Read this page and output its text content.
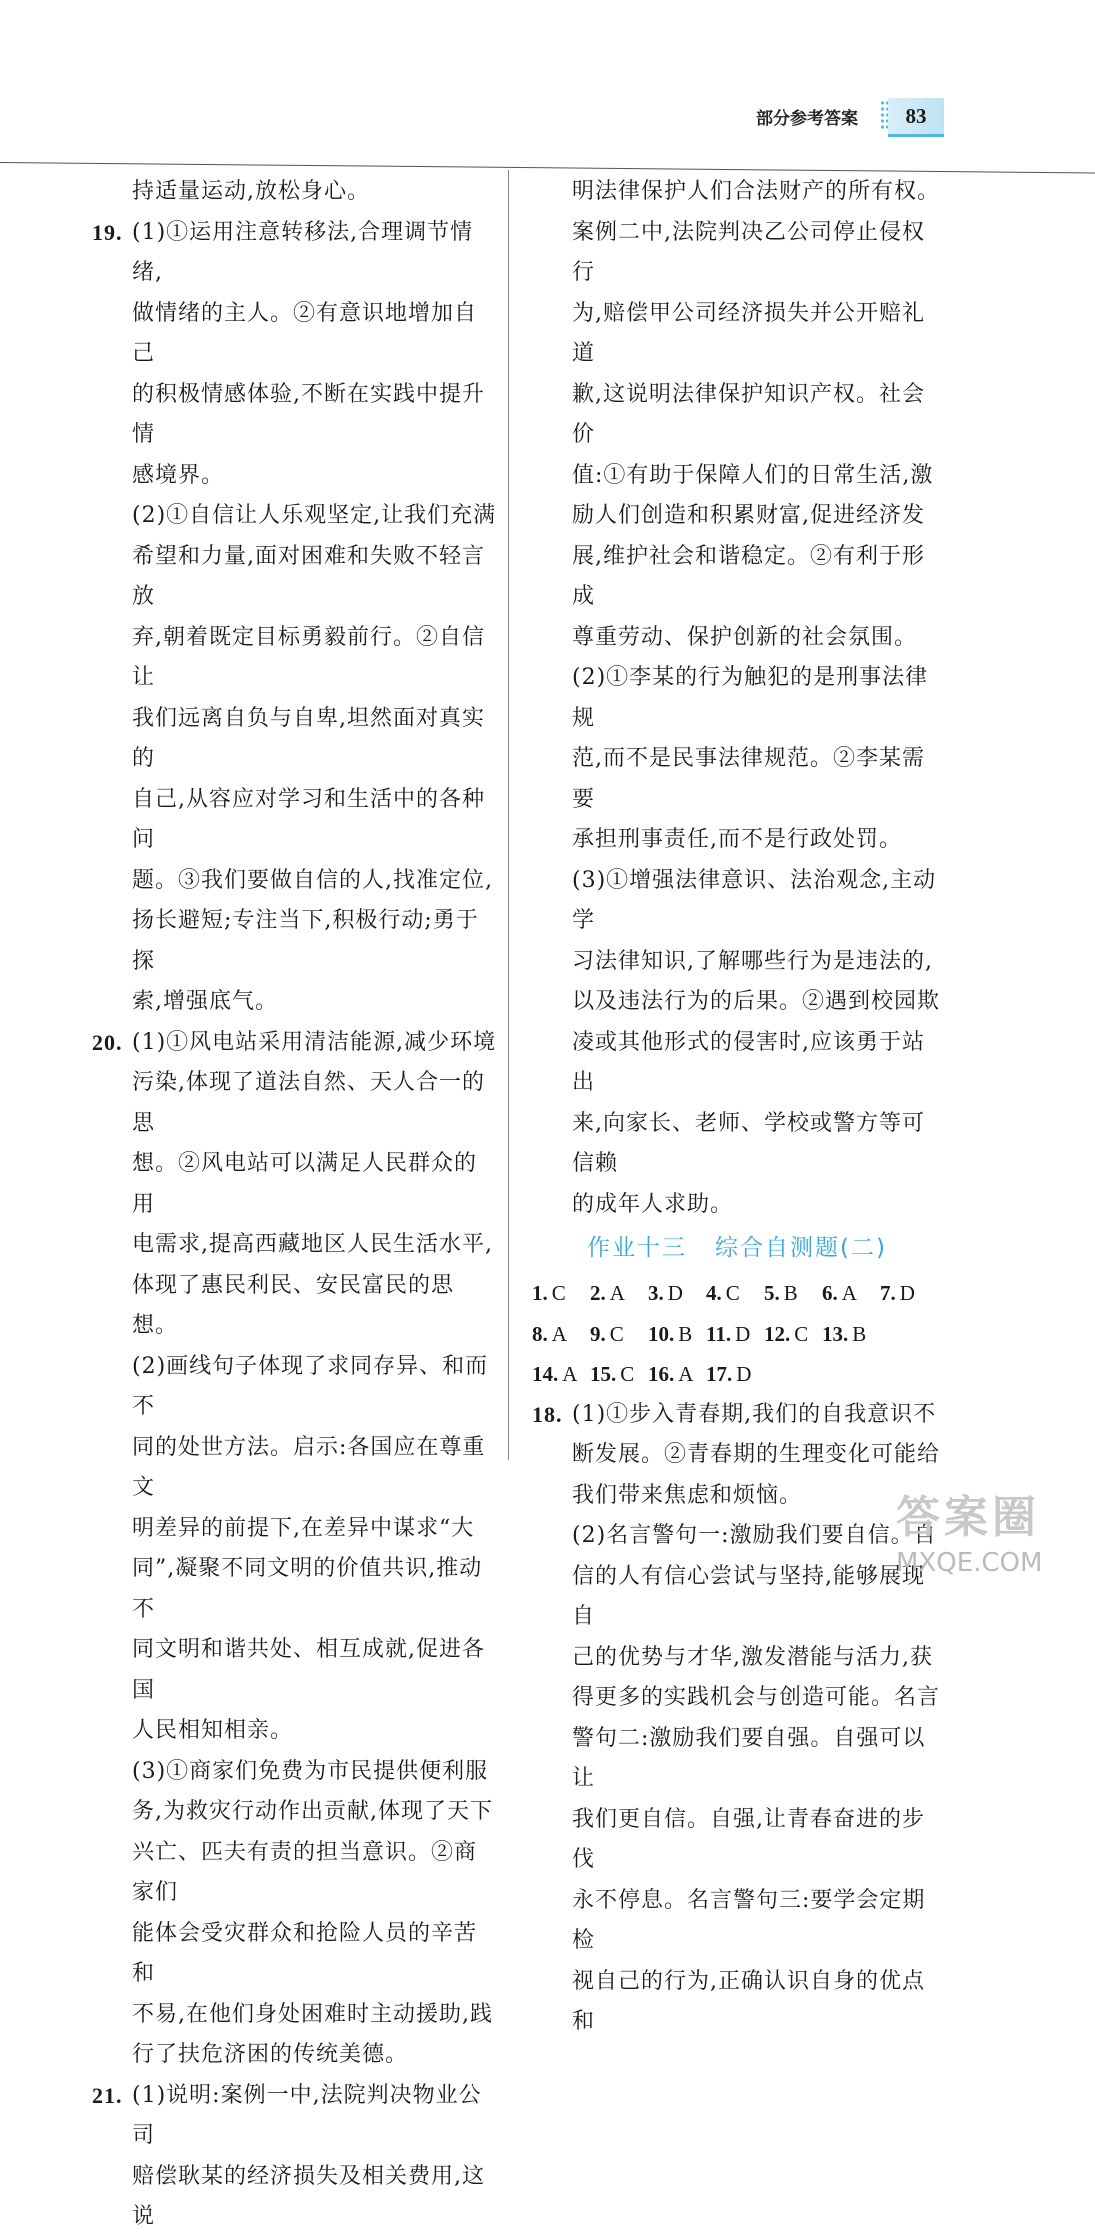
部分参考答案	83
持适量运动,放松身心。
19. (1)①运用注意转移法,合理调节情绪,
做情绪的主人。②有意识地增加自己
的积极情感体验,不断在实践中提升情
感境界。
(2)①自信让人乐观坚定,让我们充满
希望和力量,面对困难和失败不轻言放
弃,朝着既定目标勇毅前行。②自信让
我们远离自负与自卑,坦然面对真实的
自己,从容应对学习和生活中的各种问
题。③我们要做自信的人,找准定位,
扬长避短;专注当下,积极行动;勇于探
索,增强底气。
20. (1)①风电站采用清洁能源,减少环境
污染,体现了道法自然、天人合一的思
想。②风电站可以满足人民群众的用
电需求,提高西藏地区人民生活水平,
体现了惠民利民、安民富民的思想。
(2)画线句子体现了求同存异、和而不
同的处世方法。启示:各国应在尊重文
明差异的前提下,在差异中谋求“大
同”,凝聚不同文明的价值共识,推动不
同文明和谐共处、相互成就,促进各国
人民相知相亲。
(3)①商家们免费为市民提供便利服
务,为救灾行动作出贡献,体现了天下
兴亡、匹夫有责的担当意识。②商家们
能体会受灾群众和抢险人员的辛苦和
不易,在他们身处困难时主动援助,践
行了扶危济困的传统美德。
21. (1)说明:案例一中,法院判决物业公司
赔偿耿某的经济损失及相关费用,这说
明法律保护人们合法财产的所有权。
案例二中,法院判决乙公司停止侵权行
为,赔偿甲公司经济损失并公开赔礼道
歉,这说明法律保护知识产权。社会价
值:①有助于保障人们的日常生活,激
励人们创造和积累财富,促进经济发
展,维护社会和谐稳定。②有利于形成
尊重劳动、保护创新的社会氛围。
(2)①李某的行为触犯的是刑事法律规
范,而不是民事法律规范。②李某需要
承担刑事责任,而不是行政处罚。
(3)①增强法律意识、法治观念,主动学
习法律知识,了解哪些行为是违法的,
以及违法行为的后果。②遇到校园欺
凌或其他形式的侵害时,应该勇于站出
来,向家长、老师、学校或警方等可信赖
的成年人求助。
作业十三 综合自测题(二)
1. C	2. A	3. D	4. C	5. B	6. A	7. D
8. A	9. C	10. B 11. D 12. C 13. B
14. A 15. C 16. A 17. D
18. (1)①步入青春期,我们的自我意识不
断发展。②青春期的生理变化可能给
我们带来焦虑和烦恼。
(2)名言警句一:激励我们要自信。自
信的人有信心尝试与坚持,能够展现自
己的优势与才华,激发潜能与活力,获
得更多的实践机会与创造可能。名言
警句二:激励我们要自强。自强可以让
我们更自信。自强,让青春奋进的步伐
永不停息。名言警句三:要学会定期检
视自己的行为,正确认识自身的优点和
答案圈
MXQE.COM
